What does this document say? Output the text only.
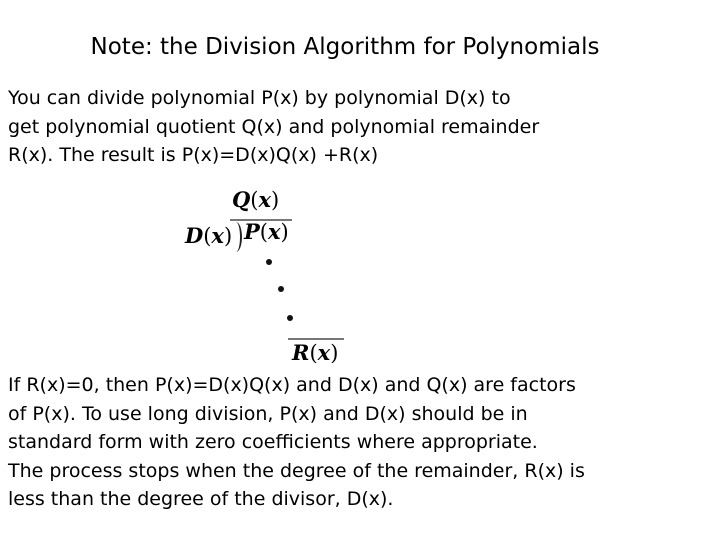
Note: the Division Algorithm for Polynomials

You can divide polynomial P(x) by polynomial D(x) to
get polynomial quotient Q(x) and polynomial remainder
R(x). The result is P(x)=D(x)Q(x) +R(x)

Q(x)
D(x) P(x)
R(x)

If R(x)=0, then P(x)=D(x)Q(x) and D(x) and Q(x) are factors
of P(x). To use long division, P(x) and D(x) should be in
standard form with zero coefficients where appropriate.
The process stops when the degree of the remainder, R(x) is
less than the degree of the divisor, D(x).
